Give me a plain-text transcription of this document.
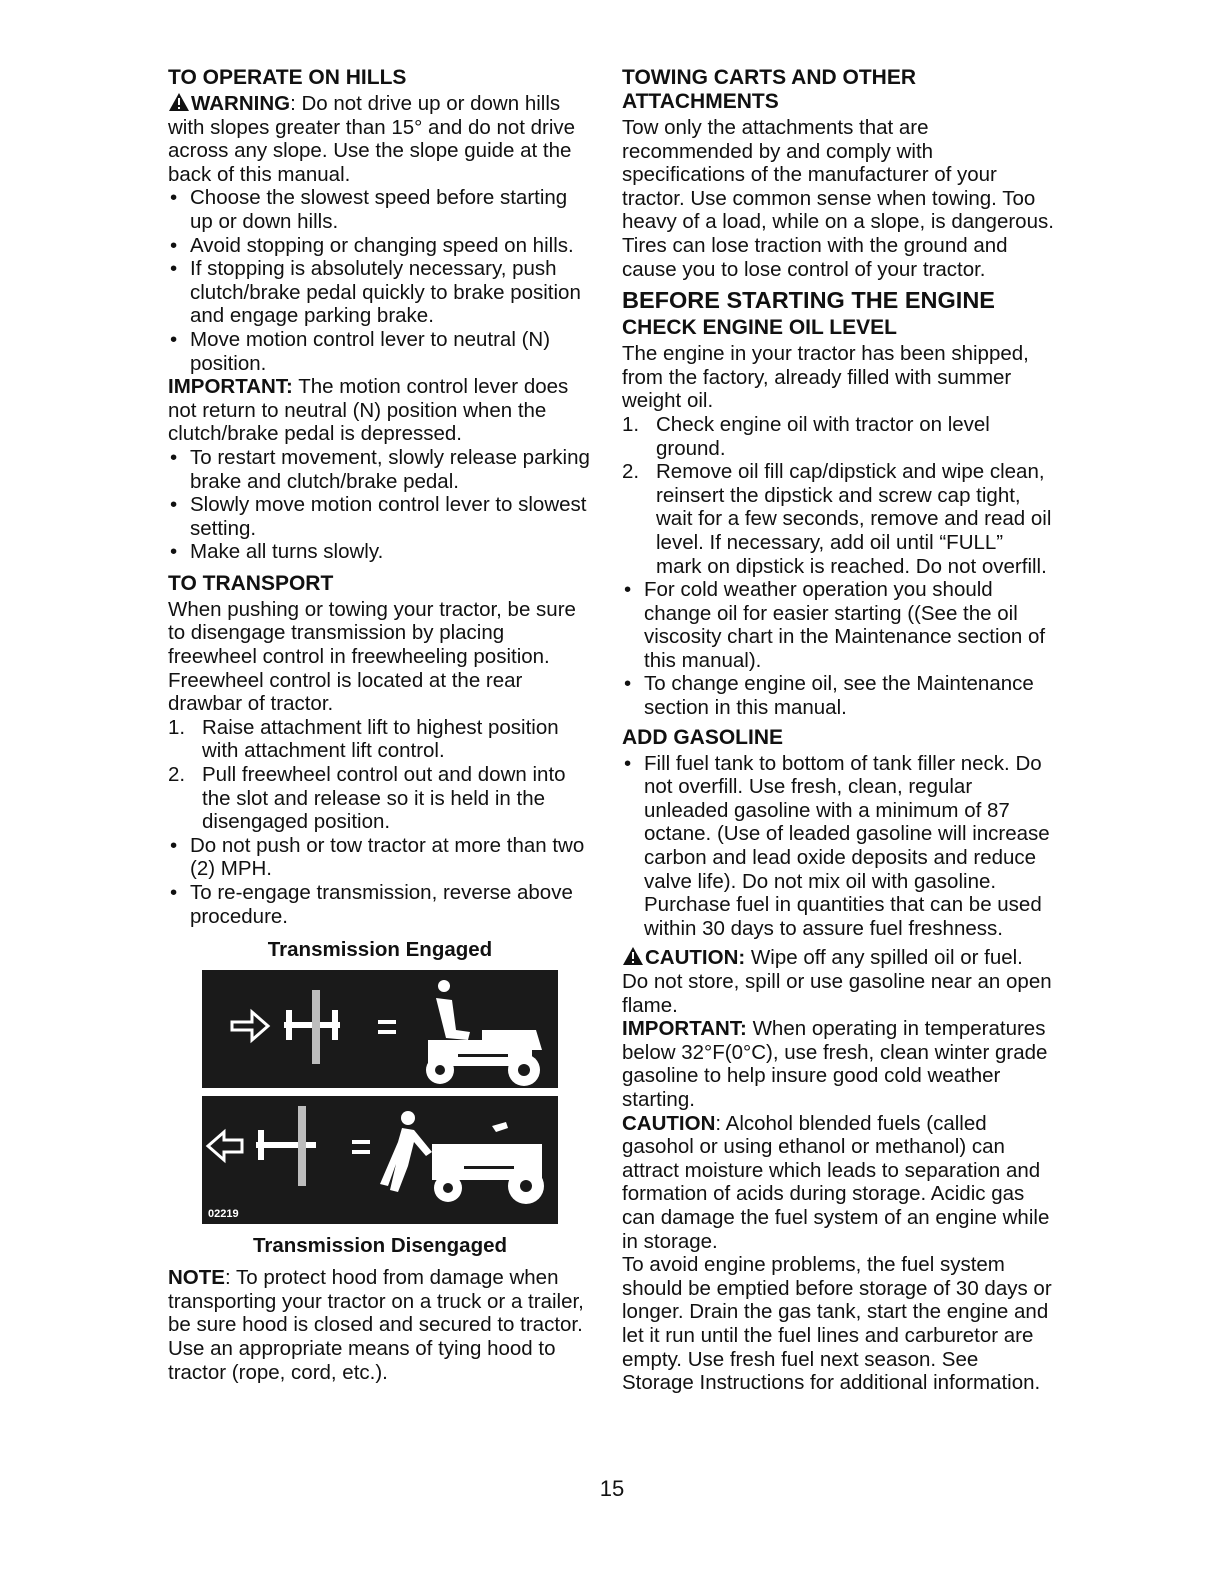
TO OPERATE ON HILLS

WARNING: Do not drive up or down hills with slopes greater than 15° and do not drive across any slope. Use the slope guide at the back of this manual.

• Choose the slowest speed before starting up or down hills.
• Avoid stopping or changing speed on hills.
• If stopping is absolutely necessary, push clutch/brake pedal quickly to brake position and engage parking brake.
• Move motion control lever to neutral (N) position.

IMPORTANT: The motion control lever does not return to neutral (N) position when the clutch/brake pedal is depressed.

• To restart movement, slowly release parking brake and clutch/brake pedal.
• Slowly move motion control lever to slowest setting.
• Make all turns slowly.
TO TRANSPORT

When pushing or towing your tractor, be sure to disengage transmission by placing freewheel control in freewheeling position. Freewheel control is located at the rear drawbar of tractor.

1. Raise attachment lift to highest position with attachment lift control.
2. Pull freewheel control out and down into the slot and release so it is held in the disengaged position.
• Do not push or tow tractor at more than two (2) MPH.
• To re-engage transmission, reverse above procedure.
Transmission Engaged
02219
Transmission Disengaged

NOTE: To protect hood from damage when transporting your tractor on a truck or a trailer, be sure hood is closed and secured to tractor. Use an appropriate means of tying hood to tractor (rope, cord, etc.).

TOWING CARTS AND OTHER ATTACHMENTS

Tow only the attachments that are recommended by and comply with specifications of the manufacturer of your tractor. Use common sense when towing. Too heavy of a load, while on a slope, is dangerous. Tires can lose traction with the ground and cause you to lose control of your tractor.

BEFORE STARTING THE ENGINE
CHECK ENGINE OIL LEVEL

The engine in your tractor has been shipped, from the factory, already filled with summer weight oil.

1. Check engine oil with tractor on level ground.
2. Remove oil fill cap/dipstick and wipe clean, reinsert the dipstick and screw cap tight, wait for a few seconds, remove and read oil level. If necessary, add oil until “FULL” mark on dipstick is reached. Do not overfill.
• For cold weather operation you should change oil for easier starting ((See the oil viscosity chart in the Maintenance section of this manual).
• To change engine oil, see the Maintenance section in this manual.
ADD GASOLINE
• Fill fuel tank to bottom of tank filler neck. Do not overfill. Use fresh, clean, regular unleaded gasoline with a minimum of 87 octane. (Use of leaded gasoline will increase carbon and lead oxide deposits and reduce valve life). Do not mix oil with gasoline. Purchase fuel in quantities that can be used within 30 days to assure fuel freshness.

CAUTION: Wipe off any spilled oil or fuel. Do not store, spill or use gasoline near an open flame.

IMPORTANT: When operating in temperatures below 32°F(0°C), use fresh, clean winter grade gasoline to help insure good cold weather starting.

CAUTION: Alcohol blended fuels (called gasohol or using ethanol or methanol) can attract moisture which leads to separation and formation of acids during storage. Acidic gas can damage the fuel system of an engine while in storage.

To avoid engine problems, the fuel system should be emptied before storage of 30 days or longer. Drain the gas tank, start the engine and let it run until the fuel lines and carburetor are empty. Use fresh fuel next season. See Storage Instructions for additional information.

15
